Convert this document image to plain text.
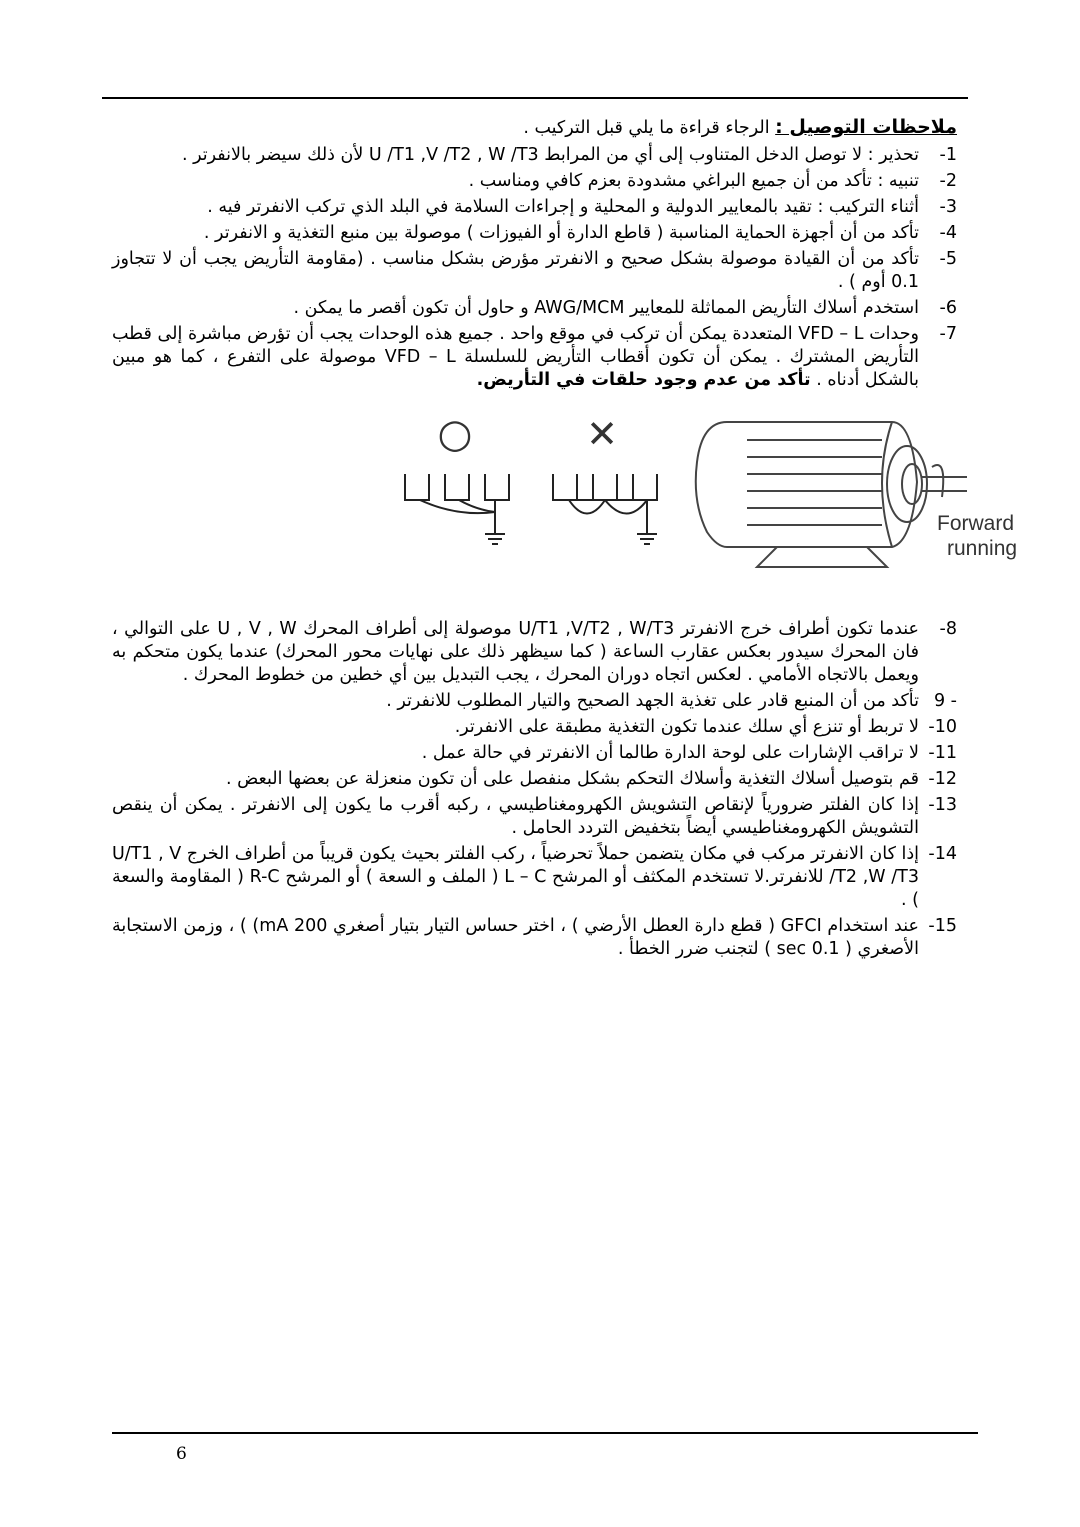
ملاحظات التوصيل : الرجاء قراءة ما يلي قبل التركيب .
-1
تحذير : لا توصل الدخل المتناوب إلى أي من المرابط U /T1 ,V /T2 , W /T3 لأن ذلك سيضر بالانفرتر .
-2
تنبيه : تأكد من أن جميع البراغي مشدودة بعزم كافي ومناسب .
-3
أثناء التركيب : تقيد بالمعايير الدولية و المحلية و إجراءات السلامة في البلد الذي تركب الانفرتر فيه .
-4
تأكد من أن أجهزة الحماية المناسبة ( قاطع الدارة أو الفيوزات ) موصولة بين منبع التغذية و الانفرتر .
-5
تأكد من أن القيادة موصولة بشكل صحيح و الانفرتر مؤرض بشكل مناسب . (مقاومة التأريض يجب أن لا تتجاوز 0.1 أوم ) .
-6
استخدم أسلاك التأريض المماثلة للمعايير AWG/MCM و حاول أن تكون أقصر ما يمكن .
-7
وحدات VFD – L المتعددة يمكن أن تركب في موقع واحد . جميع هذه الوحدات يجب أن تؤرض مباشرة إلى قطب التأريض المشترك . يمكن أن تكون أقطاب التأريض للسلسلة VFD – L موصولة على التفرع ، كما هو مبين بالشكل أدناه . تأكد من عدم وجود حلقات في التأريض.
○	✕
Forward
running
-8
عندما تكون أطراف خرج الانفرتر U/T1 ,V/T2 , W/T3 موصولة إلى أطراف المحرك U , V , W على التوالي ، فان المحرك سيدور بعكس عقارب الساعة ( كما سيظهر ذلك على نهايات محور المحرك) عندما يكون متحكم به ويعمل بالاتجاه الأمامي . لعكس اتجاه دوران المحرك ، يجب التبديل بين أي خطين من خطوط المحرك .
9 -
تأكد من أن المنبع قادر على تغذية الجهد الصحيح والتيار المطلوب للانفرتر .
-10
لا تربط أو تنزع أي سلك عندما تكون التغذية مطبقة على الانفرتر.
-11
لا تراقب الإشارات على لوحة الدارة طالما أن الانفرتر في حالة عمل .
-12
قم بتوصيل أسلاك التغذية وأسلاك التحكم بشكل منفصل على أن تكون منعزلة عن بعضها البعض .
-13
إذا كان الفلتر ضرورياً لإنقاص التشويش الكهرومغناطيسي ، ركبه أقرب ما يكون إلى الانفرتر . يمكن أن ينقص التشويش الكهرومغناطيسي أيضاً بتخفيض التردد الحامل .
-14
إذا كان الانفرتر مركب في مكان يتضمن حملاً تحرضياً ، ركب الفلتر بحيث يكون قريباً من أطراف الخرج U/T1 , V /T2 ,W /T3 للانفرتر.لا تستخدم المكثف أو المرشح L – C ( الملف و السعة ) أو المرشح R-C ( المقاومة والسعة ) .
-15
عند استخدام GFCI ( قطع دارة العطل الأرضي ) ، اختر حساس التيار بتيار أصغري 200 mA) ) ، وزمن الاستجابة الأصغري ( 0.1 sec ) لتجنب ضرر الخطأ .
6
